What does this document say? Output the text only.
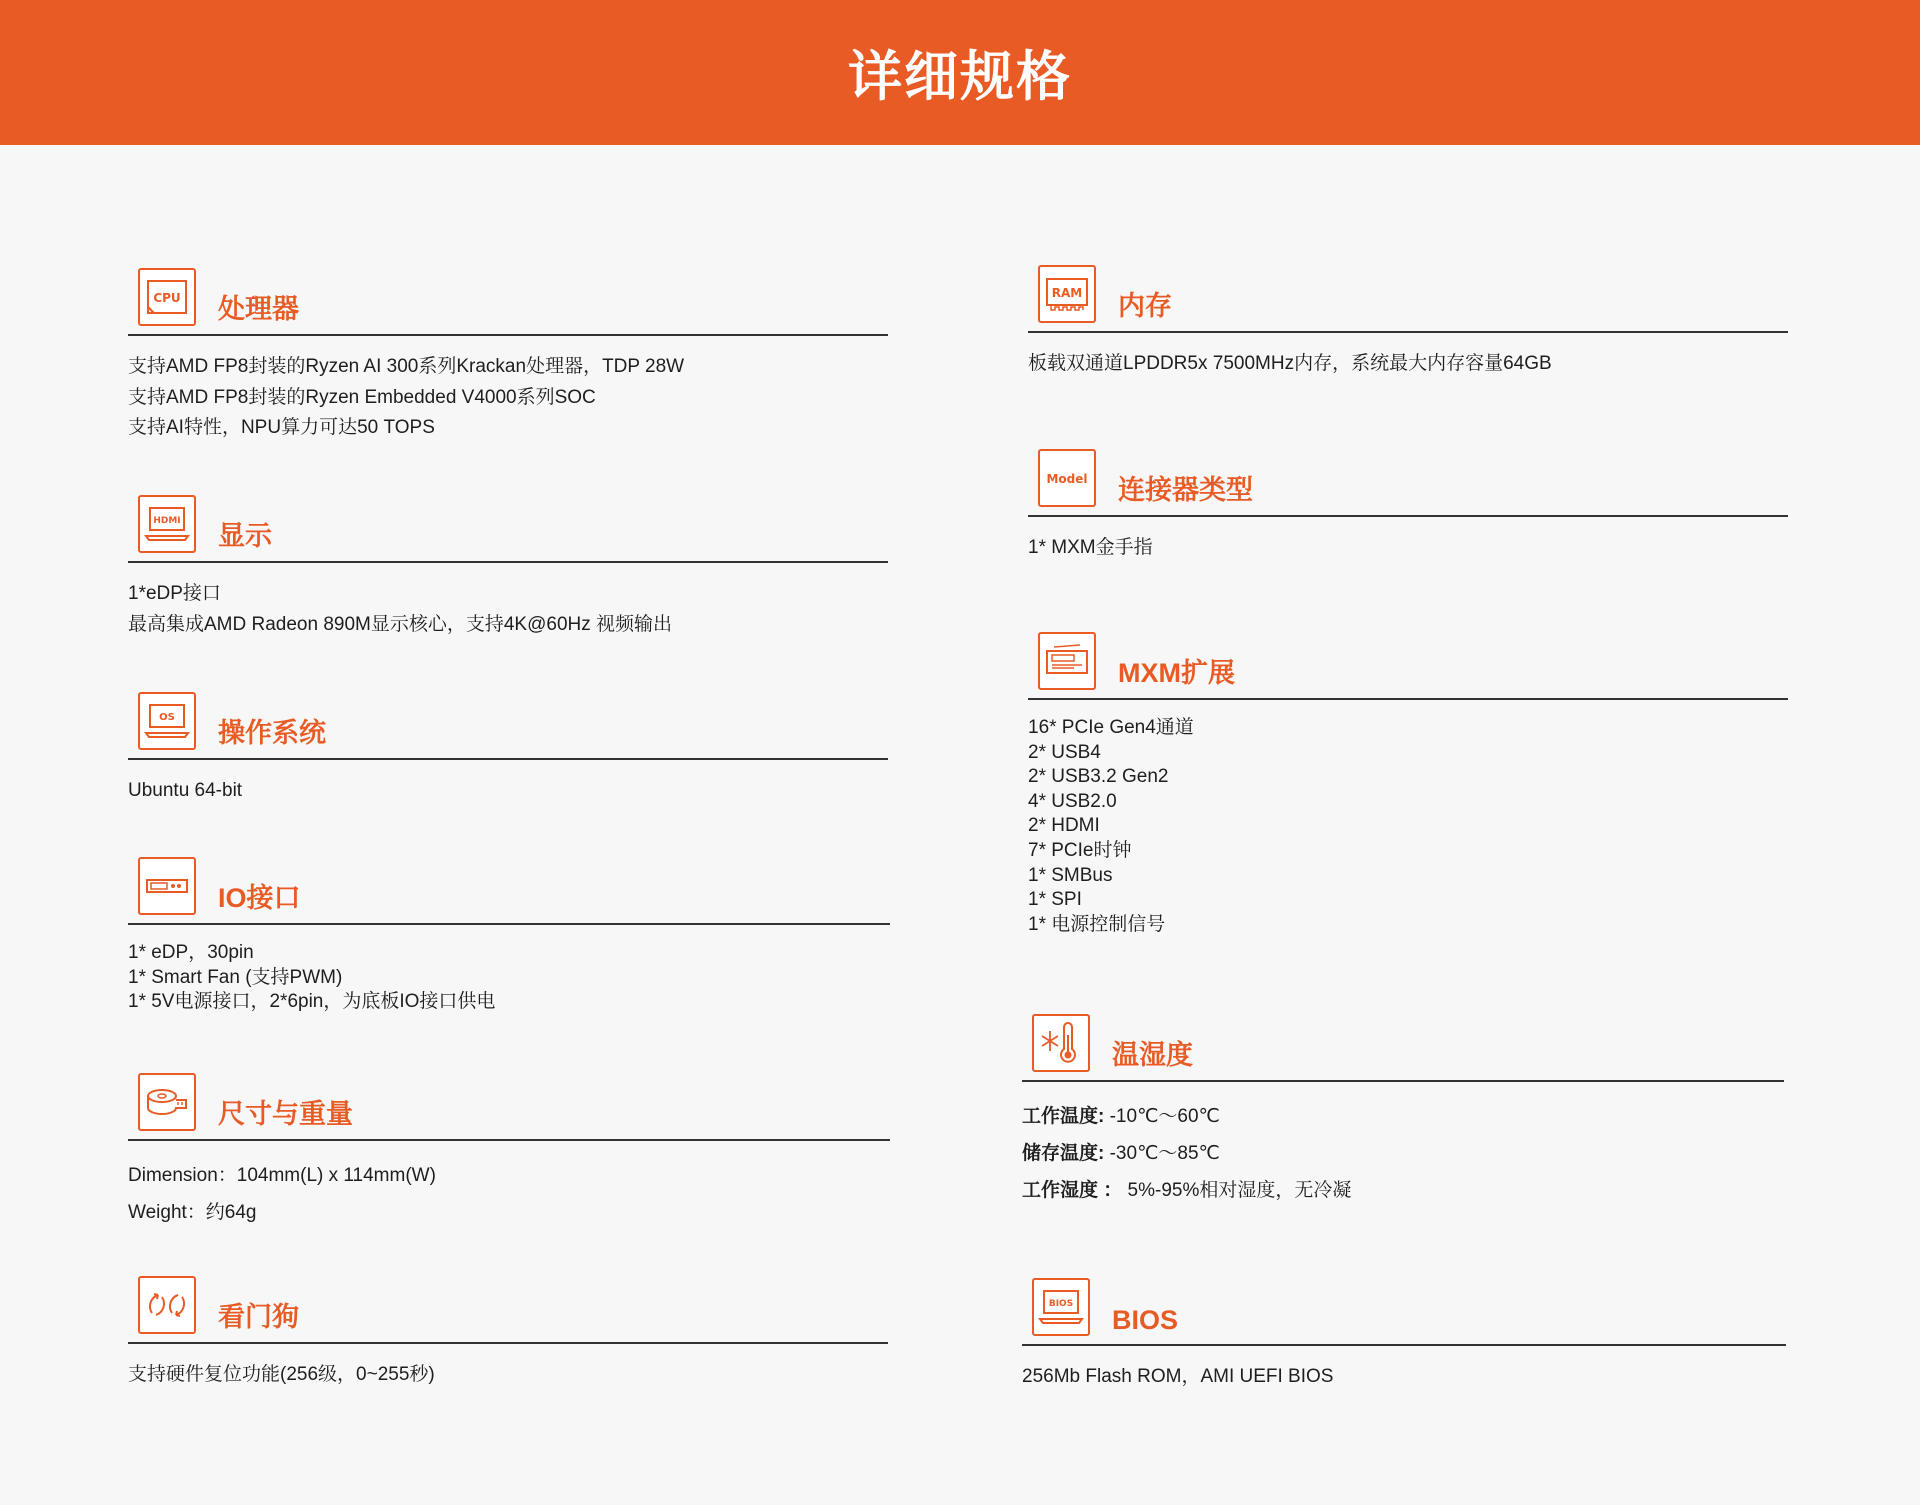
详细规格
CPU 处理器
支持AMD FP8封装的Ryzen AI 300系列Krackan处理器，TDP 28W
支持AMD FP8封装的Ryzen Embedded V4000系列SOC
支持AI特性，NPU算力可达50 TOPS
HDMI 显示
1*eDP接口
最高集成AMD Radeon 890M显示核心，支持4K@60Hz 视频输出
OS
操作系统
Ubuntu 64-bit
IO接口
1* eDP，30pin
1* Smart Fan (支持PWM)
1* 5V电源接口，2*6pin，为底板IO接口供电
尺寸与重量
Dimension：104mm(L) x 114mm(W)
Weight：约64g
看门狗
支持硬件复位功能(256级，0~255秒)
RAM 内存
板载双通道LPDDR5x 7500MHz内存，系统最大内存容量64GB
Model 连接器类型
1* MXM金手指
MXM扩展
16* PCIe Gen4通道
2* USB4
2* USB3.2 Gen2
4* USB2.0
2* HDMI
7* PCIe时钟
1* SMBus
1* SPI
1* 电源控制信号
温湿度
工作温度: -10℃～60℃
储存温度: -30℃～85℃
工作湿度 ： 5%-95%相对湿度，无冷凝
BIOS
BIOS
256Mb Flash ROM，AMI UEFI BIOS
